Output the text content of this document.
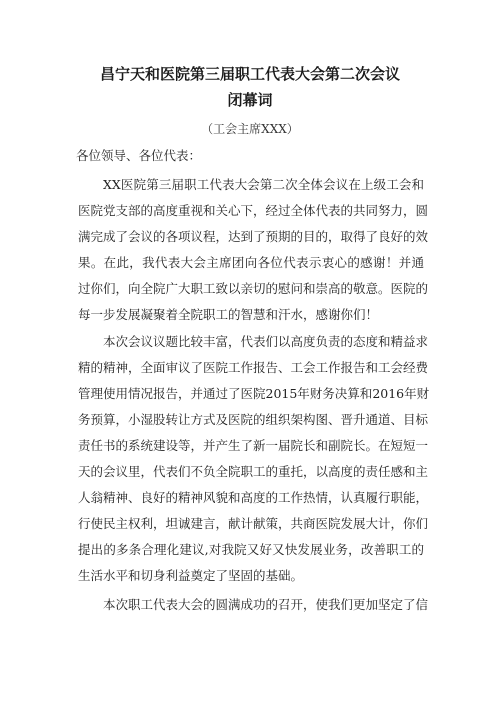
昌宁天和医院第三届职工代表大会第二次会议
闭幕词
（工会主席XXX）
各位领导、各位代表：
XX医院第三届职工代表大会第二次全体会议在上级工会和
医院党支部的高度重视和关心下，经过全体代表的共同努力，圆
满完成了会议的各项议程，达到了预期的目的，取得了良好的效
果。在此，我代表大会主席团向各位代表示衷心的感谢！并通
过你们，向全院广大职工致以亲切的慰问和崇高的敬意。医院的
每一步发展凝聚着全院职工的智慧和汗水，感谢你们！
本次会议议题比较丰富，代表们以高度负责的态度和精益求
精的精神，全面审议了医院工作报告、工会工作报告和工会经费
管理使用情况报告，并通过了医院2015年财务决算和2016年财
务预算，小湿股转让方式及医院的组织架构图、晋升通道、目标
责任书的系统建设等，并产生了新一届院长和副院长。在短短一
天的会议里，代表们不负全院职工的重托，以高度的责任感和主
人翁精神、良好的精神风貌和高度的工作热情，认真履行职能，
行使民主权利，坦诚建言，献计献策，共商医院发展大计，你们
提出的多条合理化建议,对我院又好又快发展业务，改善职工的
生活水平和切身利益奠定了坚固的基础。
本次职工代表大会的圆满成功的召开，使我们更加坚定了信
